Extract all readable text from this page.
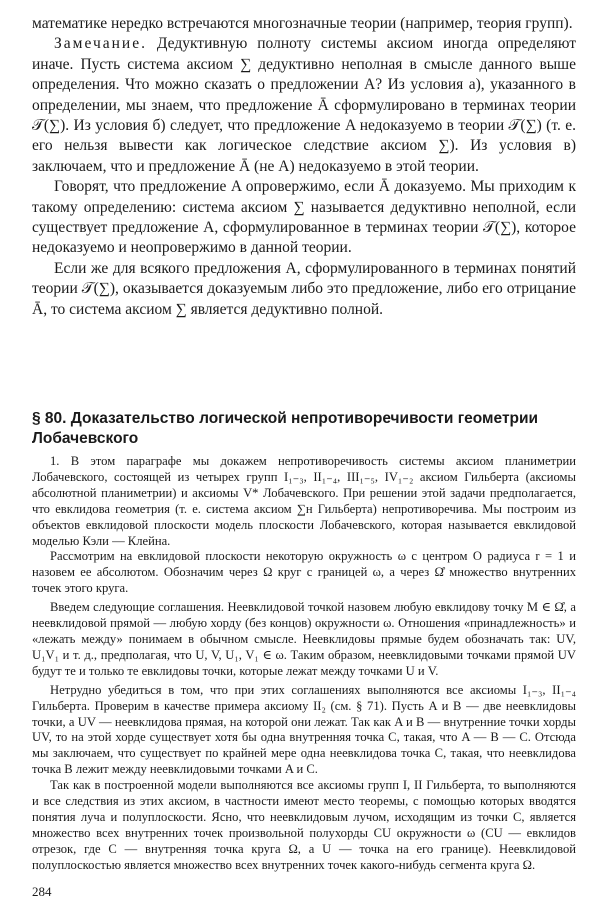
математике нередко встречаются многозначные теории (например, теория групп).

Замечание. Дедуктивную полноту системы аксиом иногда определяют иначе. Пусть система аксиом ∑ дедуктивно неполная в смысле данного выше определения. Что можно сказать о предложении A? Из условия а), указанного в определении, мы знаем, что предложение Ā сформулировано в терминах теории 𝒯(∑). Из условия б) следует, что предложение A недоказуемо в теории 𝒯(∑) (т. е. его нельзя вывести как логическое следствие аксиом ∑). Из условия в) заключаем, что и предложение Ā (не A) недоказуемо в этой теории.

Говорят, что предложение A опровержимо, если Ā доказуемо. Мы приходим к такому определению: система аксиом ∑ называется дедуктивно неполной, если существует предложение A, сформулированное в терминах теории 𝒯(∑), которое недоказуемо и неопровержимо в данной теории.

Если же для всякого предложения A, сформулированного в терминах понятий теории 𝒯(∑), оказывается доказуемым либо это предложение, либо его отрицание Ā, то система аксиом ∑ является дедуктивно полной.

§ 80. Доказательство логической непротиворечивости геометрии Лобачевского

1. В этом параграфе мы докажем непротиворечивость системы аксиом планиметрии Лобачевского, состоящей из четырех групп I₁₋₃, II₁₋₄, III₁₋₅, IV₁₋₂ аксиом Гильберта (аксиомы абсолютной планиметрии) и аксиомы V* Лобачевского. При решении этой задачи предполагается, что евклидова геометрия (т. е. система аксиом ∑н Гильберта) непротиворечива. Мы построим из объектов евклидовой плоскости модель плоскости Лобачевского, которая называется евклидовой моделью Кэли — Клейна.

Рассмотрим на евклидовой плоскости некоторую окружность ω с центром O радиуса r = 1 и назовем ее абсолютом. Обозначим через Ω круг с границей ω, а через Ω̊ множество внутренних точек этого круга.

Введем следующие соглашения. Неевклидовой точкой назовем любую евклидову точку M ∈ Ω̊, а неевклидовой прямой — любую хорду (без концов) окружности ω. Отношения «принадлежность» и «лежать между» понимаем в обычном смысле. Неевклидовы прямые будем обозначать так: UV, U₁V₁ и т. д., предполагая, что U, V, U₁, V₁ ∈ ω. Таким образом, неевклидовыми точками прямой UV будут те и только те евклидовы точки, которые лежат между точками U и V.

Нетрудно убедиться в том, что при этих соглашениях выполняются все аксиомы I₁₋₃, II₁₋₄ Гильберта. Проверим в качестве примера аксиому II₂ (см. § 71). Пусть A и B — две неевклидовы точки, а UV — неевклидова прямая, на которой они лежат. Так как A и B — внутренние точки хорды UV, то на этой хорде существует хотя бы одна внутренняя точка C, такая, что A — B — C. Отсюда мы заключаем, что существует по крайней мере одна неевклидова точка C, такая, что неевклидова точка B лежит между неевклидовыми точками A и C.

Так как в построенной модели выполняются все аксиомы групп I, II Гильберта, то выполняются и все следствия из этих аксиом, в частности имеют место теоремы, с помощью которых вводятся понятия луча и полуплоскости. Ясно, что неевклидовым лучом, исходящим из точки C, является множество всех внутренних точек произвольной полухорды CU окружности ω (CU — евклидов отрезок, где C — внутренняя точка круга Ω, а U — точка на его границе). Неевклидовой полуплоскостью является множество всех внутренних точек какого-нибудь сегмента круга Ω.

284
